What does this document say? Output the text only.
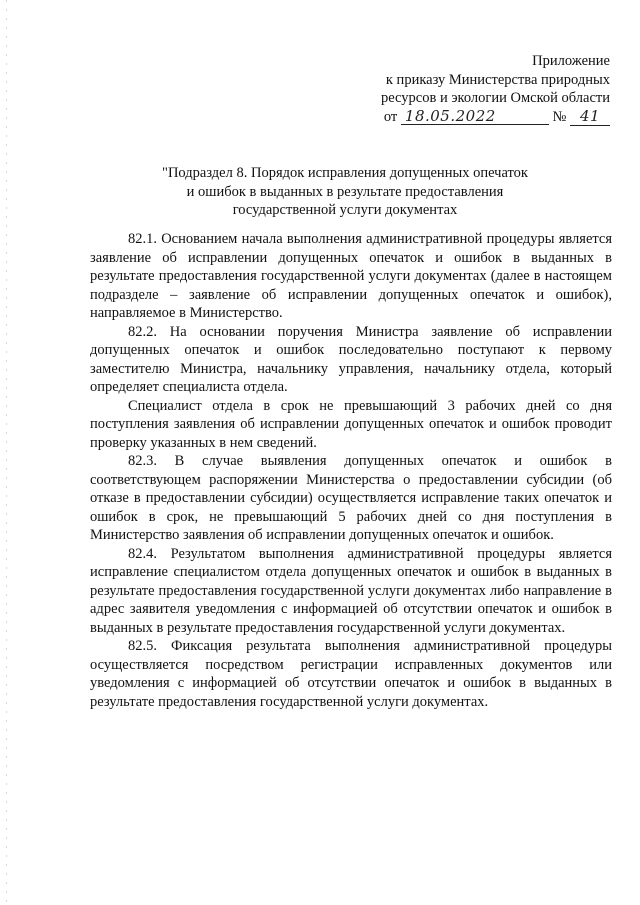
Приложение
к приказу Министерства природных
ресурсов и экологии Омской области
от 18.05.2022	№ 41
"Подраздел 8. Порядок исправления допущенных опечаток
и ошибок в выданных в результате предоставления
государственной услуги документах

82.1. Основанием начала выполнения административной процедуры является заявление об исправлении допущенных опечаток и ошибок в выданных в результате предоставления государственной услуги документах (далее в настоящем подразделе – заявление об исправлении допущенных опечаток и ошибок), направляемое в Министерство.

82.2. На основании поручения Министра заявление об исправлении допущенных опечаток и ошибок последовательно поступают к первому заместителю Министра, начальнику управления, начальнику отдела, который определяет специалиста отдела.

Специалист отдела в срок не превышающий 3 рабочих дней со дня поступления заявления об исправлении допущенных опечаток и ошибок проводит проверку указанных в нем сведений.

82.3. В случае выявления допущенных опечаток и ошибок в соответствующем распоряжении Министерства о предоставлении субсидии (об отказе в предоставлении субсидии) осуществляется исправление таких опечаток и ошибок в срок, не превышающий 5 рабочих дней со дня поступления в Министерство заявления об исправлении допущенных опечаток и ошибок.

82.4. Результатом выполнения административной процедуры является исправление специалистом отдела допущенных опечаток и ошибок в выданных в результате предоставления государственной услуги документах либо направление в адрес заявителя уведомления с информацией об отсутствии опечаток и ошибок в выданных в результате предоставления государственной услуги документах.

82.5. Фиксация результата выполнения административной процедуры осуществляется посредством регистрации исправленных документов или уведомления с информацией об отсутствии опечаток и ошибок в выданных в результате предоставления государственной услуги документах.
